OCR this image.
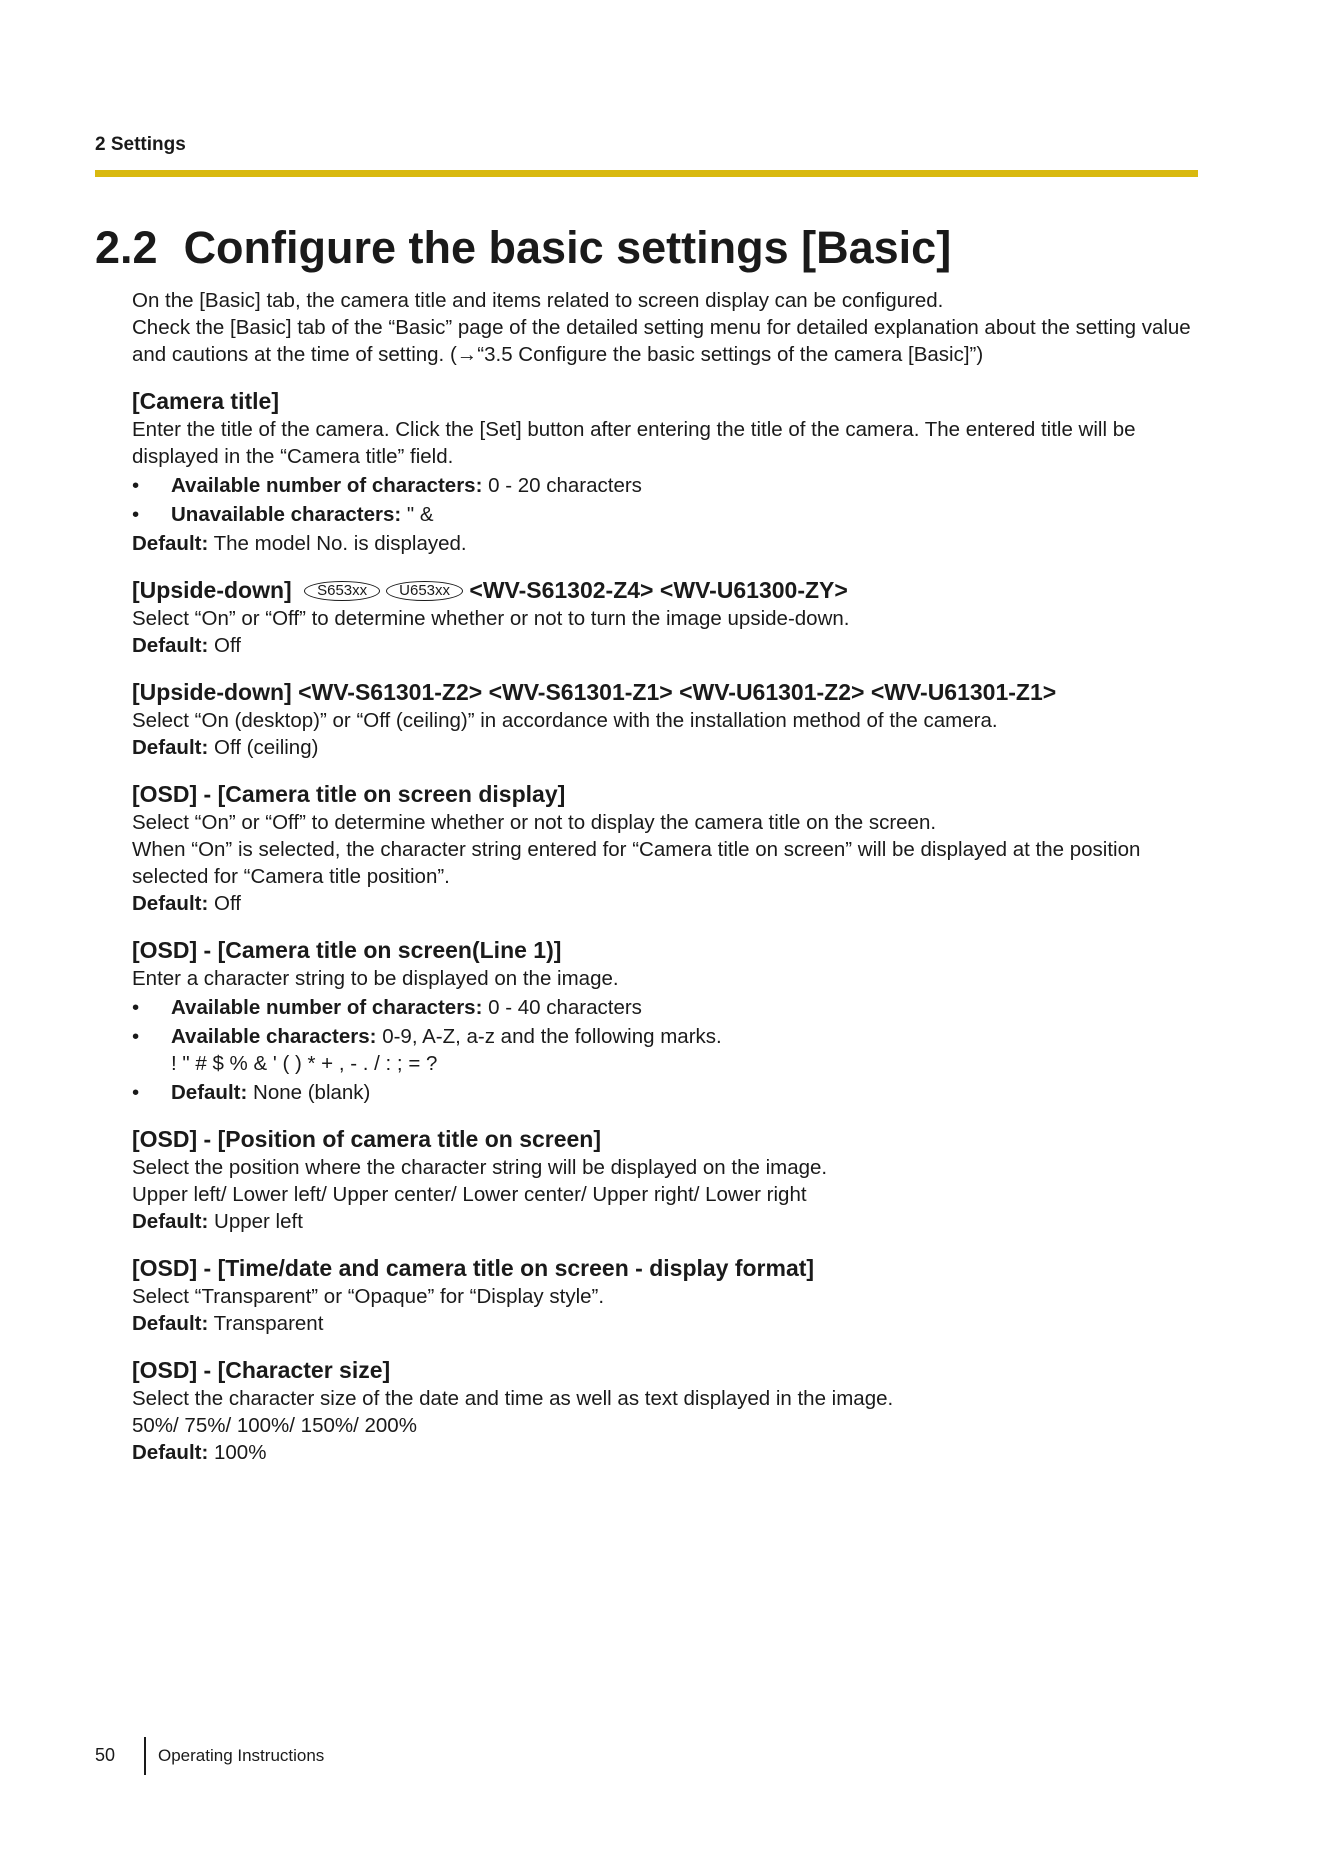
2 Settings
2.2 Configure the basic settings [Basic]

On the [Basic] tab, the camera title and items related to screen display can be configured.

Check the [Basic] tab of the “Basic” page of the detailed setting menu for detailed explanation about the setting value and cautions at the time of setting. (→“3.5 Configure the basic settings of the camera [Basic]”)

[Camera title]

Enter the title of the camera. Click the [Set] button after entering the title of the camera. The entered title will be displayed in the “Camera title” field.

• Available number of characters: 0 - 20 characters

• Unavailable characters: " &

Default: The model No. is displayed.

[Upside-down] S653xx U653xx <WV-S61302-Z4> <WV-U61300-ZY>

Select “On” or “Off” to determine whether or not to turn the image upside-down.

Default: Off

[Upside-down] <WV-S61301-Z2> <WV-S61301-Z1> <WV-U61301-Z2> <WV-U61301-Z1>

Select “On (desktop)” or “Off (ceiling)” in accordance with the installation method of the camera.

Default: Off (ceiling)

[OSD] - [Camera title on screen display]

Select “On” or “Off” to determine whether or not to display the camera title on the screen.

When “On” is selected, the character string entered for “Camera title on screen” will be displayed at the position selected for “Camera title position”.

Default: Off

[OSD] - [Camera title on screen(Line 1)]

Enter a character string to be displayed on the image.

• Available number of characters: 0 - 40 characters

• Available characters: 0-9, A-Z, a-z and the following marks.
! " # $ % & ' ( ) * + , - . / : ; = ?

• Default: None (blank)

[OSD] - [Position of camera title on screen]

Select the position where the character string will be displayed on the image.

Upper left/ Lower left/ Upper center/ Lower center/ Upper right/ Lower right

Default: Upper left

[OSD] - [Time/date and camera title on screen - display format]

Select “Transparent” or “Opaque” for “Display style”.

Default: Transparent

[OSD] - [Character size]

Select the character size of the date and time as well as text displayed in the image.

50%/ 75%/ 100%/ 150%/ 200%

Default: 100%

50	Operating Instructions
